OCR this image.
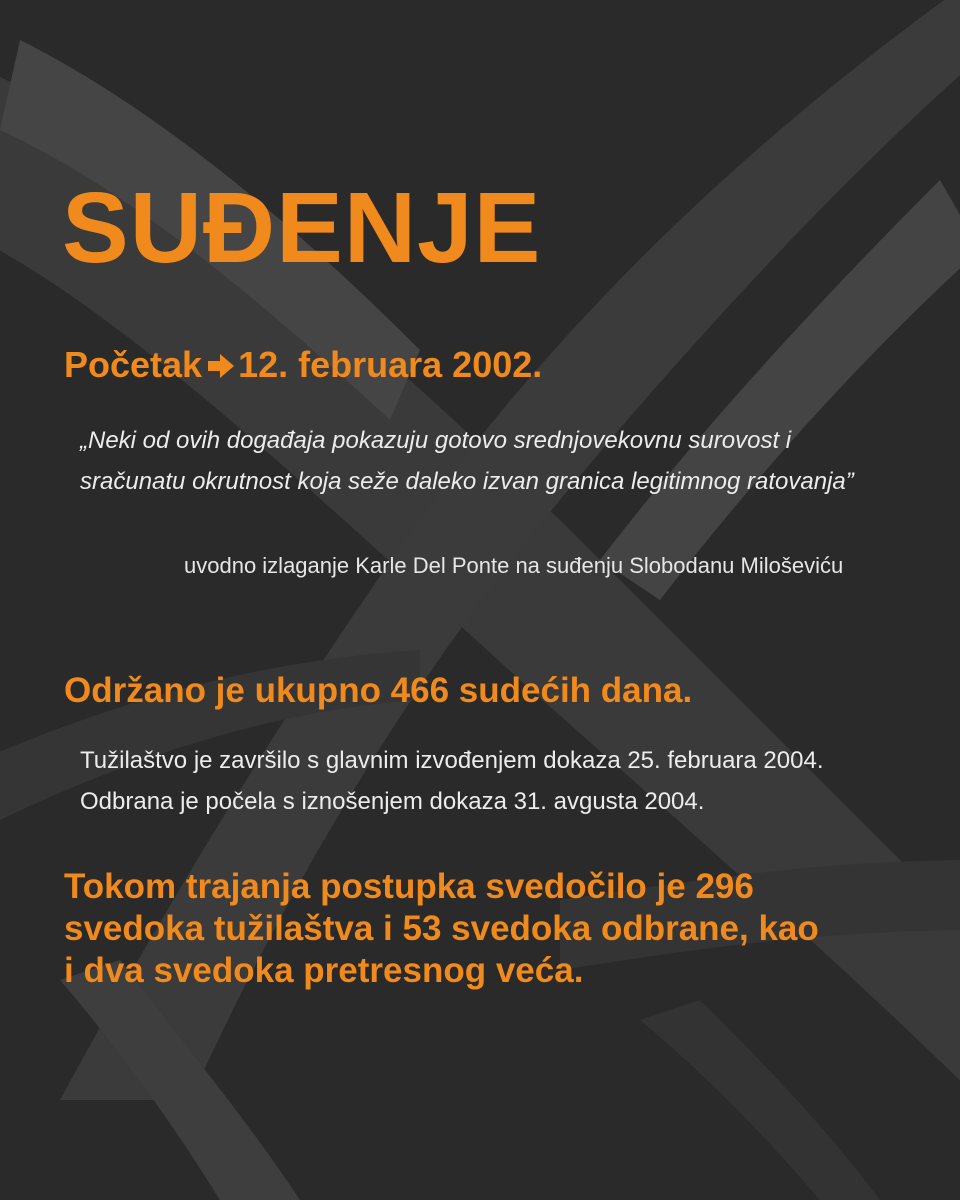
SUĐENJE
Početak 12. februara 2002.

„Neki od ovih događaja pokazuju gotovo srednjovekovnu surovost i sračunatu okrutnost koja seže daleko izvan granica legitimnog ratovanja”

uvodno izlaganje Karle Del Ponte na suđenju Slobodanu Miloševiću
Održano je ukupno 466 sudećih dana.
Tužilaštvo je završilo s glavnim izvođenjem dokaza 25. februara 2004.
Odbrana je počela s iznošenjem dokaza 31. avgusta 2004.
Tokom trajanja postupka svedočilo je 296
svedoka tužilaštva i 53 svedoka odbrane, kao
i dva svedoka pretresnog veća.
